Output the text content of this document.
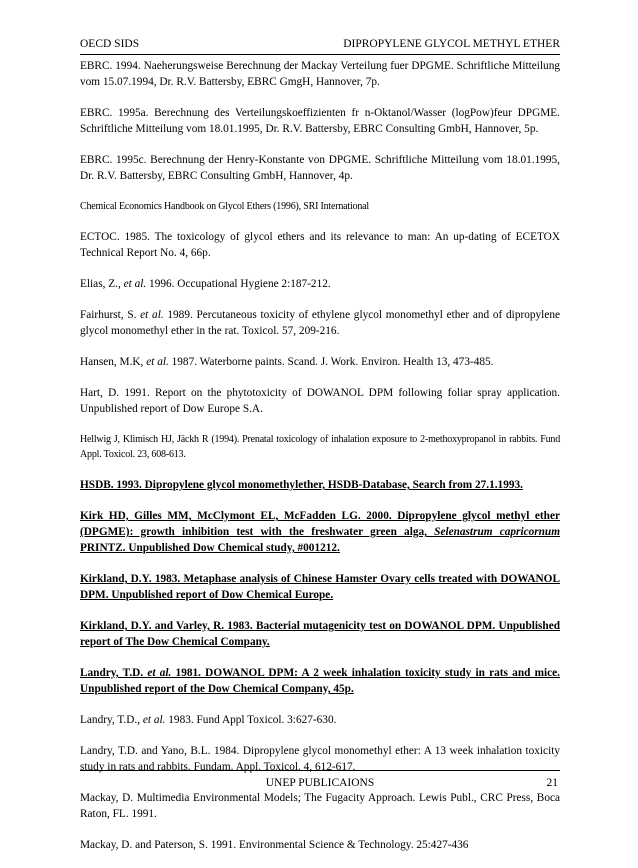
OECD SIDS	DIPROPYLENE GLYCOL METHYL ETHER

EBRC. 1994. Naeherungsweise Berechnung der Mackay Verteilung fuer DPGME. Schriftliche Mitteilung vom 15.07.1994, Dr. R.V. Battersby, EBRC GmgH, Hannover, 7p.

EBRC. 1995a. Berechnung des Verteilungskoeffizienten fr n-Oktanol/Wasser (logPow)feur DPGME. Schriftliche Mitteilung vom 18.01.1995, Dr. R.V. Battersby, EBRC Consulting GmbH, Hannover, 5p.

EBRC. 1995c. Berechnung der Henry-Konstante von DPGME. Schriftliche Mitteilung vom 18.01.1995, Dr. R.V. Battersby, EBRC Consulting GmbH, Hannover, 4p.

Chemical Economics Handbook on Glycol Ethers (1996), SRI International

ECTOC. 1985. The toxicology of glycol ethers and its relevance to man: An up-dating of ECETOX Technical Report No. 4, 66p.

Elias, Z., et al. 1996. Occupational Hygiene 2:187-212.

Fairhurst, S. et al. 1989. Percutaneous toxicity of ethylene glycol monomethyl ether and of dipropylene glycol monomethyl ether in the rat. Toxicol. 57, 209-216.

Hansen, M.K, et al. 1987. Waterborne paints. Scand. J. Work. Environ. Health 13, 473-485.

Hart, D. 1991. Report on the phytotoxicity of DOWANOL DPM following foliar spray application. Unpublished report of Dow Europe S.A.

Hellwig J, Klimisch HJ, Jäckh R (1994). Prenatal toxicology of inhalation exposure to 2-methoxypropanol in rabbits. Fund Appl. Toxicol. 23, 608-613.

HSDB. 1993. Dipropylene glycol monomethylether, HSDB-Database, Search from 27.1.1993.

Kirk HD, Gilles MM, McClymont EL, McFadden LG. 2000. Dipropylene glycol methyl ether (DPGME): growth inhibition test with the freshwater green alga, Selenastrum capricornum PRINTZ. Unpublished Dow Chemical study, #001212.

Kirkland, D.Y. 1983. Metaphase analysis of Chinese Hamster Ovary cells treated with DOWANOL DPM. Unpublished report of Dow Chemical Europe.

Kirkland, D.Y. and Varley, R. 1983. Bacterial mutagenicity test on DOWANOL DPM. Unpublished report of The Dow Chemical Company.

Landry, T.D. et al. 1981. DOWANOL DPM: A 2 week inhalation toxicity study in rats and mice. Unpublished report of the Dow Chemical Company, 45p.

Landry, T.D., et al. 1983. Fund Appl Toxicol. 3:627-630.

Landry, T.D. and Yano, B.L. 1984. Dipropylene glycol monomethyl ether: A 13 week inhalation toxicity study in rats and rabbits. Fundam. Appl. Toxicol. 4, 612-617.

Mackay, D. Multimedia Environmental Models; The Fugacity Approach. Lewis Publ., CRC Press, Boca Raton, FL. 1991.

Mackay, D. and Paterson, S. 1991. Environmental Science & Technology. 25:427-436

UNEP PUBLICAIONS	21
